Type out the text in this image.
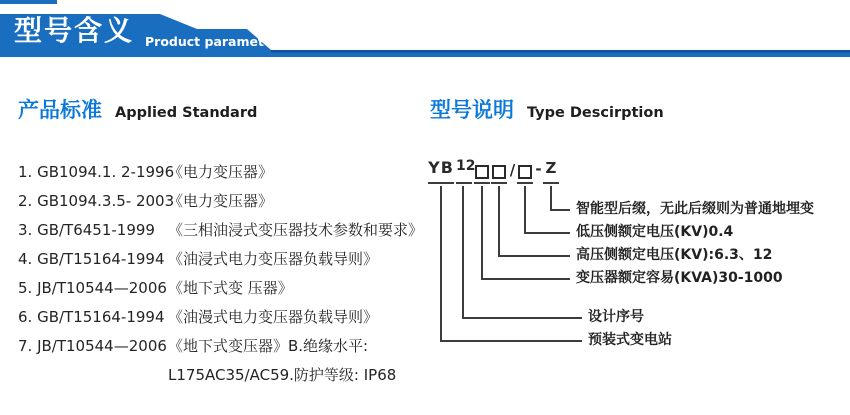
型号含义 Product parameters
产品标准 Applied Standard
1. GB1094.1. 2-1996
《电力变压器》
2. GB1094.3.5- 2003
《电力变压器》
3. GB/T6451-1999 《三相油浸式变压器技术参数和要求》
4. GB/T15164-1994 《油浸式电力变压器负载导则》
5. JB/T10544—2006 《地下式变 压器》
6. GB/T15164-1994 《油漫式电力变压器负载导则》
7. JB/T10544—2006 《地下式变压器》B.绝缘水平:
L175AC35/AC59.防护等级: IP68
型号说明 Type Descirption
YB 12 / - Z
智能型后缀，无此后缀则为普通地埋变
低压侧额定电压(KV)0.4
高压侧额定电压(KV):6.3、12
变压器额定容易(KVA)30-1000
设计序号
预装式变电站
